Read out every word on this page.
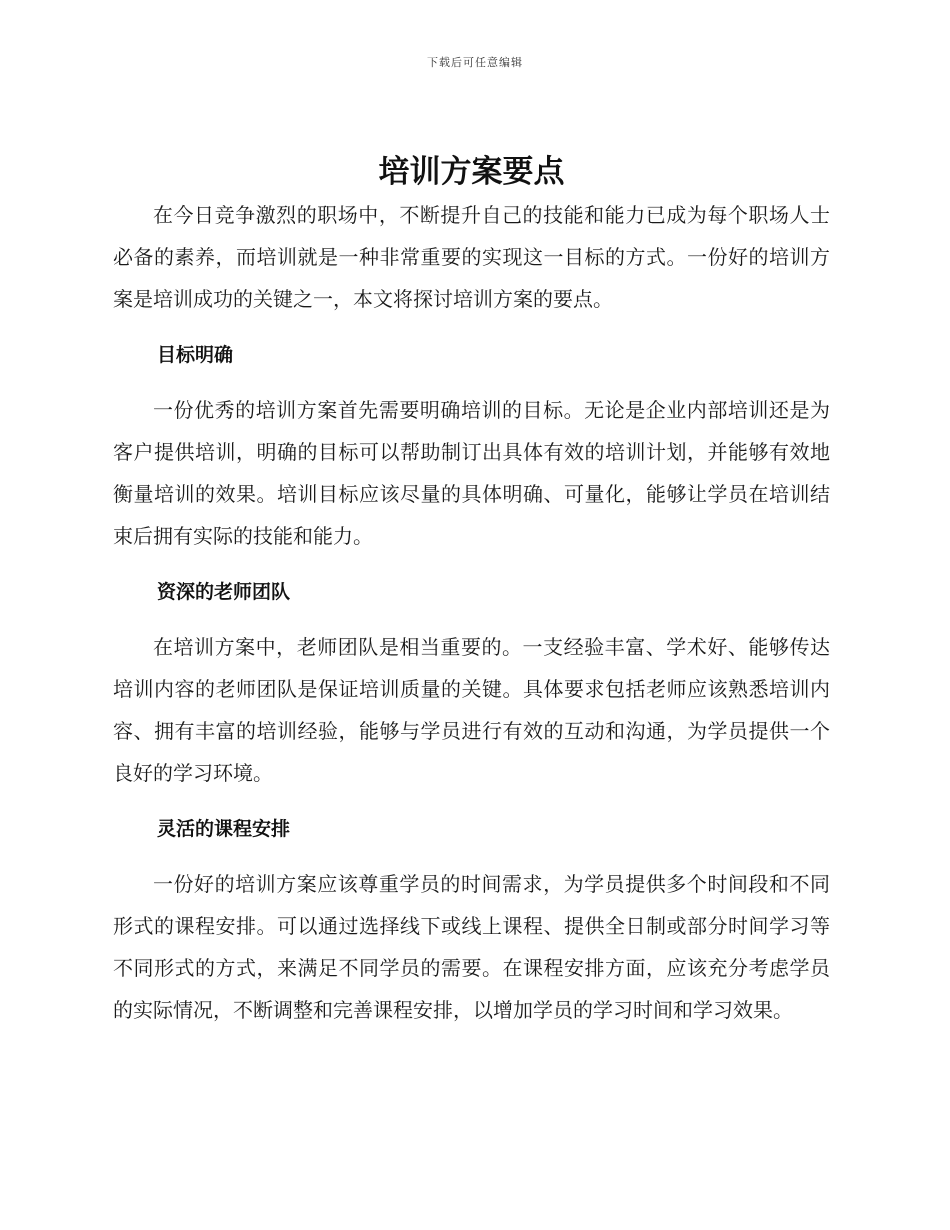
下载后可任意编辑
培训方案要点

在今日竞争激烈的职场中，不断提升自己的技能和能力已成为每个职场人士必备的素养，而培训就是一种非常重要的实现这一目标的方式。一份好的培训方案是培训成功的关键之一，本文将探讨培训方案的要点。

目标明确

一份优秀的培训方案首先需要明确培训的目标。无论是企业内部培训还是为客户提供培训，明确的目标可以帮助制订出具体有效的培训计划，并能够有效地衡量培训的效果。培训目标应该尽量的具体明确、可量化，能够让学员在培训结束后拥有实际的技能和能力。

资深的老师团队

在培训方案中，老师团队是相当重要的。一支经验丰富、学术好、能够传达培训内容的老师团队是保证培训质量的关键。具体要求包括老师应该熟悉培训内容、拥有丰富的培训经验，能够与学员进行有效的互动和沟通，为学员提供一个良好的学习环境。

灵活的课程安排

一份好的培训方案应该尊重学员的时间需求，为学员提供多个时间段和不同形式的课程安排。可以通过选择线下或线上课程、提供全日制或部分时间学习等不同形式的方式，来满足不同学员的需要。在课程安排方面，应该充分考虑学员的实际情况，不断调整和完善课程安排，以增加学员的学习时间和学习效果。
